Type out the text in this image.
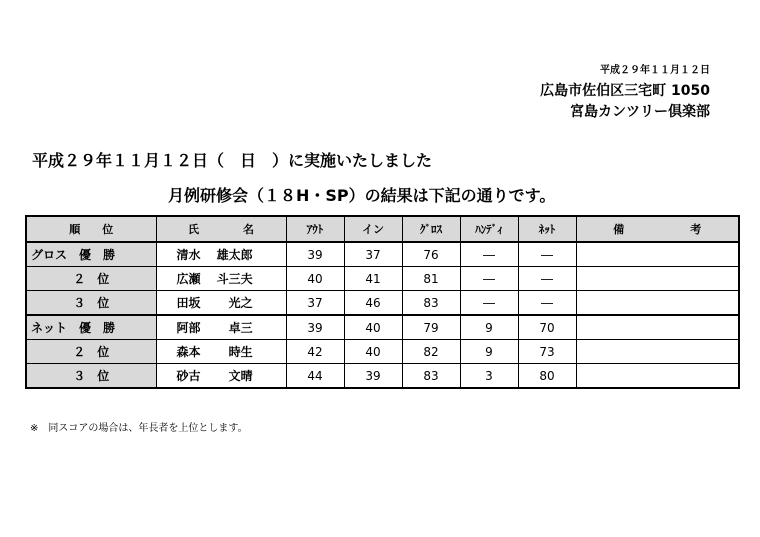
平成２９年１１月１２日
広島市佐伯区三宅町 1050
宮島カンツリー倶楽部
平成２９年１１月１２日（　日　）に実施いたしました
月例研修会（１８H・SP）の結果は下記の通りです。
順　　位	氏　　　　名	ｱｳﾄ	イン	ｸﾞﾛｽ	ﾊﾝﾃﾞｨ	ﾈｯﾄ	備　　　　　　考
グロス　優　勝	清水　 雄太郎	39	37	76	―	―	
２　位	広瀬　 斗三夫	40	41	81	―	―	
３　位	田坂　　 光之	37	46	83	―	―	
ネット　優　勝	阿部　　 卓三	39	40	79	9	70	
２　位	森本　　 時生	42	40	82	9	73	
３　位	砂古　　 文晴	44	39	83	3	80	
※　同スコアの場合は、年長者を上位とします。
